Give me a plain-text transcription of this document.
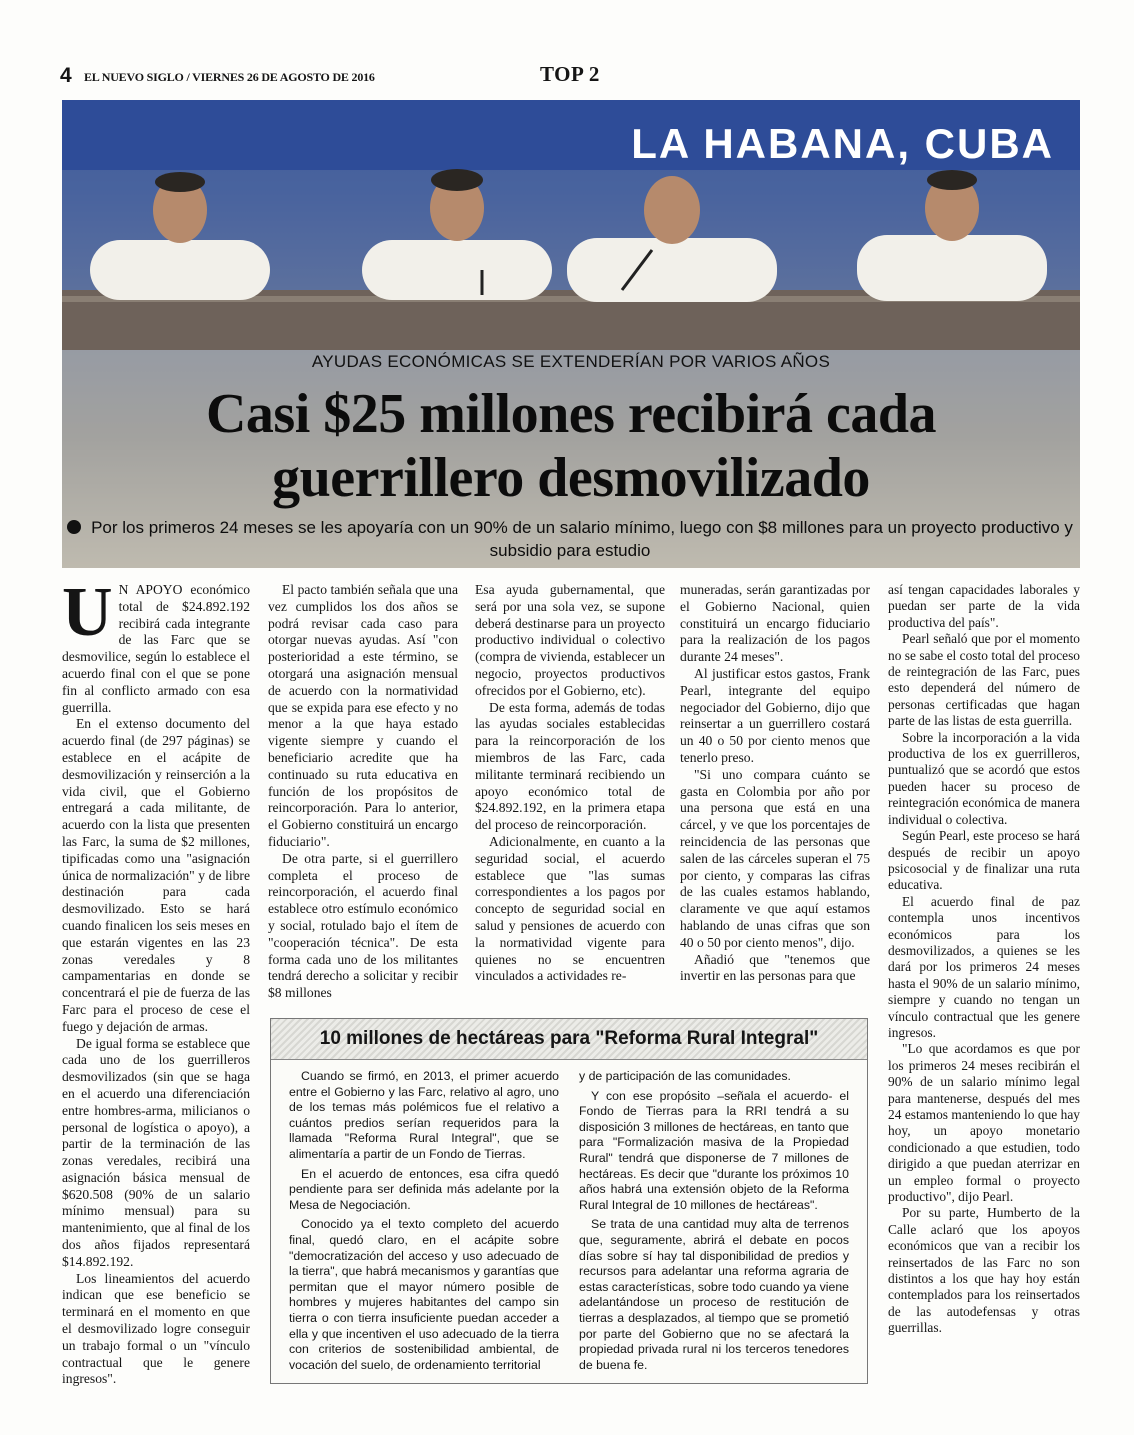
4 EL NUEVO SIGLO / VIERNES 26 DE AGOSTO DE 2016	TOP 2
LA HABANA, CUBA
AYUDAS ECONÓMICAS SE EXTENDERÍAN POR VARIOS AÑOS
Casi $25 millones recibirá cada
guerrillero desmovilizado
Por los primeros 24 meses se les apoyaría con un 90% de un salario mínimo, luego con $8 millones para un proyecto productivo y subsidio para estudio

U N APOYO económico total de $24.892.192 recibirá cada integrante de las Farc que se desmovilice, según lo establece el acuerdo final con el que se pone fin al conflicto armado con esa guerrilla.

En el extenso documento del acuerdo final (de 297 páginas) se establece en el acápite de desmovilización y reinserción a la vida civil, que el Gobierno entregará a cada militante, de acuerdo con la lista que presenten las Farc, la suma de $2 millones, tipificadas como una "asignación única de normalización" y de libre destinación para cada desmovilizado. Esto se hará cuando finalicen los seis meses en que estarán vigentes en las 23 zonas veredales y 8 campamentarias en donde se concentrará el pie de fuerza de las Farc para el proceso de cese el fuego y dejación de armas.

De igual forma se establece que cada uno de los guerrilleros desmovilizados (sin que se haga en el acuerdo una diferenciación entre hombres-arma, milicianos o personal de logística o apoyo), a partir de la terminación de las zonas veredales, recibirá una asignación básica mensual de $620.508 (90% de un salario mínimo mensual) para su mantenimiento, que al final de los dos años fijados representará $14.892.192.

Los lineamientos del acuerdo indican que ese beneficio se terminará en el momento en que el desmovilizado logre conseguir un trabajo formal o un "vínculo contractual que le genere ingresos".

El pacto también señala que una vez cumplidos los dos años se podrá revisar cada caso para otorgar nuevas ayudas. Así "con posterioridad a este término, se otorgará una asignación mensual de acuerdo con la normatividad que se expida para ese efecto y no menor a la que haya estado vigente siempre y cuando el beneficiario acredite que ha continuado su ruta educativa en función de los propósitos de reincorporación. Para lo anterior, el Gobierno constituirá un encargo fiduciario".

De otra parte, si el guerrillero completa el proceso de reincorporación, el acuerdo final establece otro estímulo económico y social, rotulado bajo el ítem de "cooperación técnica". De esta forma cada uno de los militantes tendrá derecho a solicitar y recibir $8 millones

Esa ayuda gubernamental, que será por una sola vez, se supone deberá destinarse para un proyecto productivo individual o colectivo (compra de vivienda, establecer un negocio, proyectos productivos ofrecidos por el Gobierno, etc).

De esta forma, además de todas las ayudas sociales establecidas para la reincorporación de los miembros de las Farc, cada militante terminará recibiendo un apoyo económico total de $24.892.192, en la primera etapa del proceso de reincorporación.

Adicionalmente, en cuanto a la seguridad social, el acuerdo establece que "las sumas correspondientes a los pagos por concepto de seguridad social en salud y pensiones de acuerdo con la normatividad vigente para quienes no se encuentren vinculados a actividades re-

muneradas, serán garantizadas por el Gobierno Nacional, quien constituirá un encargo fiduciario para la realización de los pagos durante 24 meses".

Al justificar estos gastos, Frank Pearl, integrante del equipo negociador del Gobierno, dijo que reinsertar a un guerrillero costará un 40 o 50 por ciento menos que tenerlo preso.

"Si uno compara cuánto se gasta en Colombia por año por una persona que está en una cárcel, y ve que los porcentajes de reincidencia de las personas que salen de las cárceles superan el 75 por ciento, y comparas las cifras de las cuales estamos hablando, claramente ve que aquí estamos hablando de unas cifras que son 40 o 50 por ciento menos", dijo.

Añadió que "tenemos que invertir en las personas para que

así tengan capacidades laborales y puedan ser parte de la vida productiva del país".

Pearl señaló que por el momento no se sabe el costo total del proceso de reintegración de las Farc, pues esto dependerá del número de personas certificadas que hagan parte de las listas de esta guerrilla.

Sobre la incorporación a la vida productiva de los ex guerrilleros, puntualizó que se acordó que estos pueden hacer su proceso de reintegración económica de manera individual o colectiva.

Según Pearl, este proceso se hará después de recibir un apoyo psicosocial y de finalizar una ruta educativa.

El acuerdo final de paz contempla unos incentivos económicos para los desmovilizados, a quienes se les dará por los primeros 24 meses hasta el 90% de un salario mínimo, siempre y cuando no tengan un vínculo contractual que les genere ingresos.

"Lo que acordamos es que por los primeros 24 meses recibirán el 90% de un salario mínimo legal para mantenerse, después del mes 24 estamos manteniendo lo que hay hoy, un apoyo monetario condicionado a que estudien, todo dirigido a que puedan aterrizar en un empleo formal o proyecto productivo", dijo Pearl.

Por su parte, Humberto de la Calle aclaró que los apoyos económicos que van a recibir los reinsertados de las Farc no son distintos a los que hay hoy están contemplados para los reinsertados de las autodefensas y otras guerrillas.

10 millones de hectáreas para "Reforma Rural Integral"

Cuando se firmó, en 2013, el primer acuerdo entre el Gobierno y las Farc, relativo al agro, uno de los temas más polémicos fue el relativo a cuántos predios serían requeridos para la llamada "Reforma Rural Integral", que se alimentaría a partir de un Fondo de Tierras.

En el acuerdo de entonces, esa cifra quedó pendiente para ser definida más adelante por la Mesa de Negociación.

Conocido ya el texto completo del acuerdo final, quedó claro, en el acápite sobre "democratización del acceso y uso adecuado de la tierra", que habrá mecanismos y garantías que permitan que el mayor número posible de hombres y mujeres habitantes del campo sin tierra o con tierra insuficiente puedan acceder a ella y que incentiven el uso adecuado de la tierra con criterios de sostenibilidad ambiental, de vocación del suelo, de ordenamiento territorial

y de participación de las comunidades.

Y con ese propósito –señala el acuerdo- el Fondo de Tierras para la RRI tendrá a su disposición 3 millones de hectáreas, en tanto que para "Formalización masiva de la Propiedad Rural" tendrá que disponerse de 7 millones de hectáreas. Es decir que "durante los próximos 10 años habrá una extensión objeto de la Reforma Rural Integral de 10 millones de hectáreas".

Se trata de una cantidad muy alta de terrenos que, seguramente, abrirá el debate en pocos días sobre sí hay tal disponibilidad de predios y recursos para adelantar una reforma agraria de estas características, sobre todo cuando ya viene adelantándose un proceso de restitución de tierras a desplazados, al tiempo que se prometió por parte del Gobierno que no se afectará la propiedad privada rural ni los terceros tenedores de buena fe.
